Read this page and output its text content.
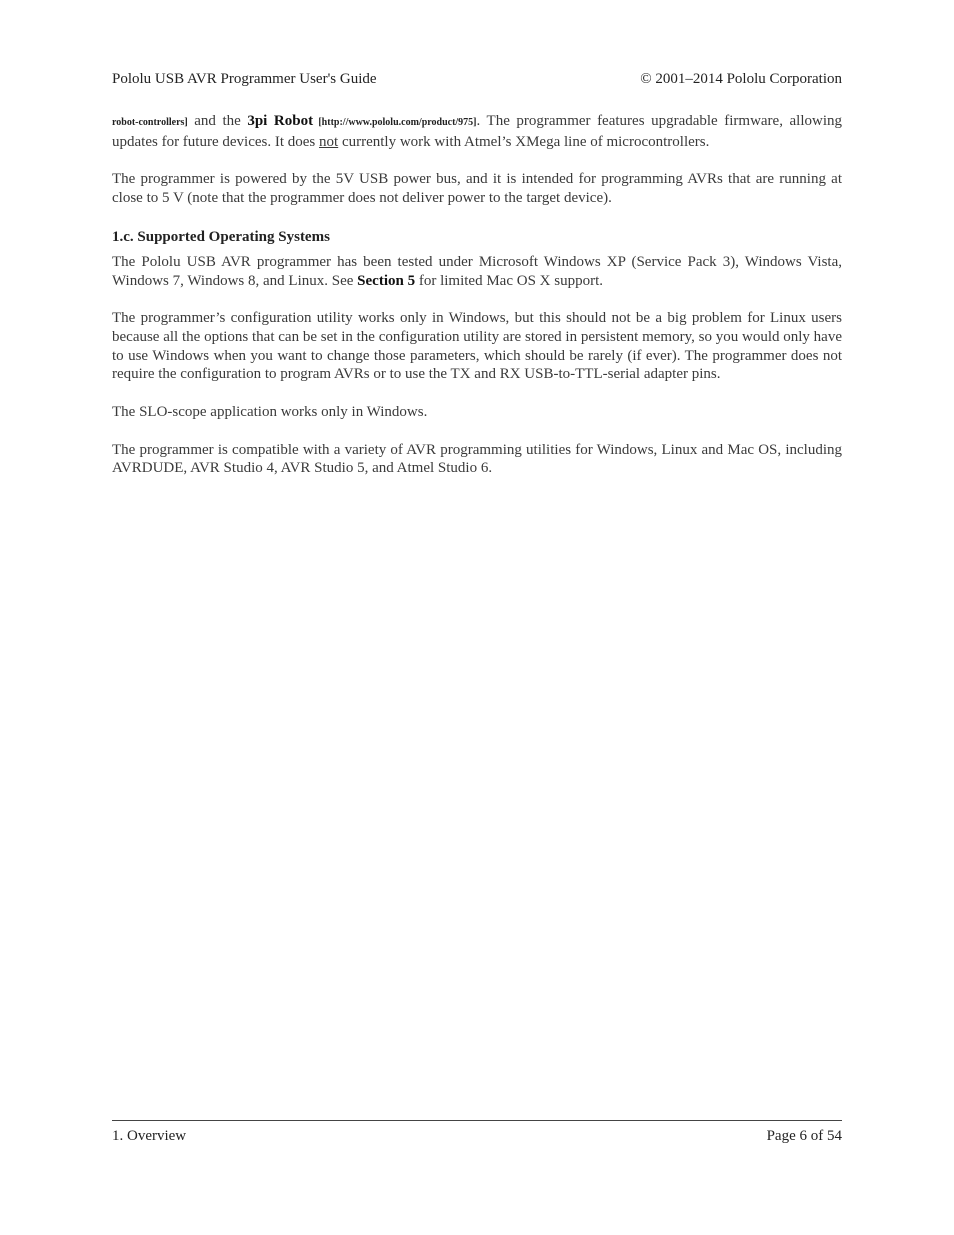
Pololu USB AVR Programmer User's Guide	© 2001–2014 Pololu Corporation

robot-controllers] and the 3pi Robot [http://www.pololu.com/product/975]. The programmer features upgradable firmware, allowing updates for future devices. It does not currently work with Atmel’s XMega line of microcontrollers.

The programmer is powered by the 5V USB power bus, and it is intended for programming AVRs that are running at close to 5 V (note that the programmer does not deliver power to the target device).

1.c. Supported Operating Systems

The Pololu USB AVR programmer has been tested under Microsoft Windows XP (Service Pack 3), Windows Vista, Windows 7, Windows 8, and Linux. See Section 5 for limited Mac OS X support.

The programmer’s configuration utility works only in Windows, but this should not be a big problem for Linux users because all the options that can be set in the configuration utility are stored in persistent memory, so you would only have to use Windows when you want to change those parameters, which should be rarely (if ever). The programmer does not require the configuration to program AVRs or to use the TX and RX USB-to-TTL-serial adapter pins.

The SLO-scope application works only in Windows.

The programmer is compatible with a variety of AVR programming utilities for Windows, Linux and Mac OS, including AVRDUDE, AVR Studio 4, AVR Studio 5, and Atmel Studio 6.

1. Overview	Page 6 of 54
